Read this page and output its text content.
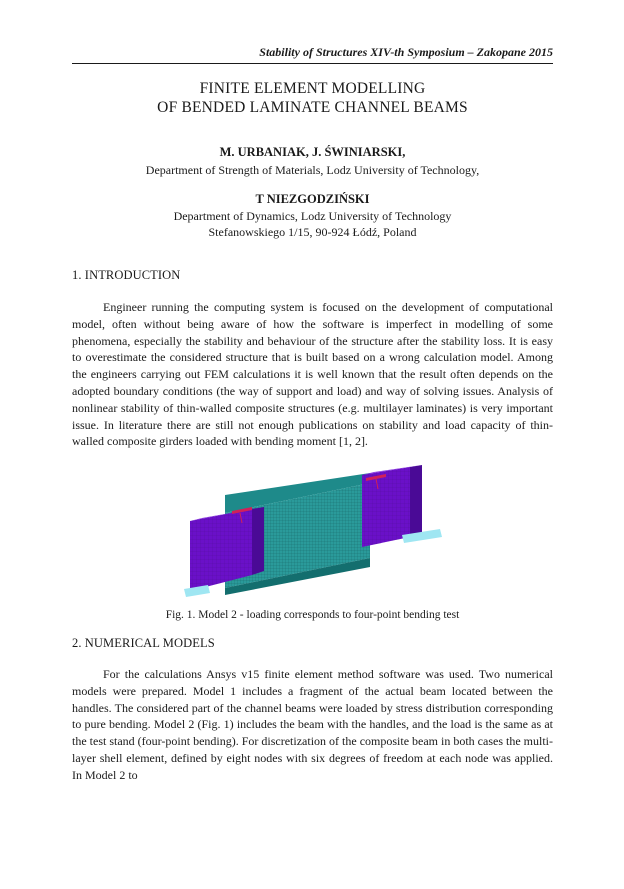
Stability of Structures XIV-th Symposium – Zakopane 2015
FINITE ELEMENT MODELLING
OF BENDED LAMINATE CHANNEL BEAMS
M. URBANIAK, J. ŚWINIARSKI,
Department of Strength of Materials, Lodz University of Technology,
T NIEZGODZIŃSKI
Department of Dynamics, Lodz University of Technology
Stefanowskiego 1/15, 90-924 Łódź, Poland
1. INTRODUCTION
Engineer running the computing system is focused on the development of computational model, often without being aware of how the software is imperfect in modelling of some phenomena, especially the stability and behaviour of the structure after the stability loss. It is easy to overestimate the considered structure that is built based on a wrong calculation model. Among the engineers carrying out FEM calculations it is well known that the result often depends on the adopted boundary conditions (the way of support and load) and way of solving issues. Analysis of nonlinear stability of thin-walled composite structures (e.g. multilayer laminates) is very important issue. In literature there are still not enough publications on stability and load capacity of thin-walled composite girders loaded with bending moment [1, 2].
Fig. 1. Model 2 - loading corresponds to four-point bending test
2. NUMERICAL MODELS
For the calculations Ansys v15 finite element method software was used. Two numerical models were prepared. Model 1 includes a fragment of the actual beam located between the handles. The considered part of the channel beams were loaded by stress distribution corresponding to pure bending. Model 2 (Fig. 1) includes the beam with the handles, and the load is the same as at the test stand (four-point bending). For discretization of the composite beam in both cases the multi-layer shell element, defined by eight nodes with six degrees of freedom at each node was applied. In Model 2 to
